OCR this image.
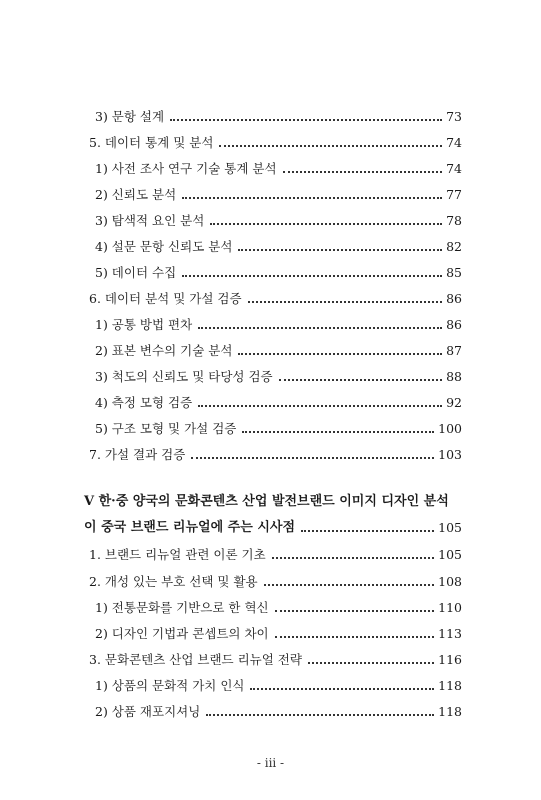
3) 문항 설계	73
5. 데이터 통계 및 분석	74
1) 사전 조사 연구 기술 통계 분석	74
2) 신뢰도 분석	77
3) 탐색적 요인 분석	78
4) 설문 문항 신뢰도 분석	82
5) 데이터 수집	85
6. 데이터 분석 및 가설 검증	86
1) 공통 방법 편차	86
2) 표본 변수의 기술 분석	87
3) 척도의 신뢰도 및 타당성 검증	88
4) 측정 모형 검증	92
5) 구조 모형 및 가설 검증	100
7. 가설 결과 검증	103
V 한·중 양국의 문화콘텐츠 산업 발전브랜드 이미지 디자인 분석
이 중국 브랜드 리뉴얼에 주는 시사점	105
1. 브랜드 리뉴얼 관련 이론 기초	105
2. 개성 있는 부호 선택 및 활용	108
1) 전통문화를 기반으로 한 혁신	110
2) 디자인 기법과 콘셉트의 차이	113
3. 문화콘텐츠 산업 브랜드 리뉴얼 전략	116
1) 상품의 문화적 가치 인식	118
2) 상품 재포지셔닝	118
- iii -
